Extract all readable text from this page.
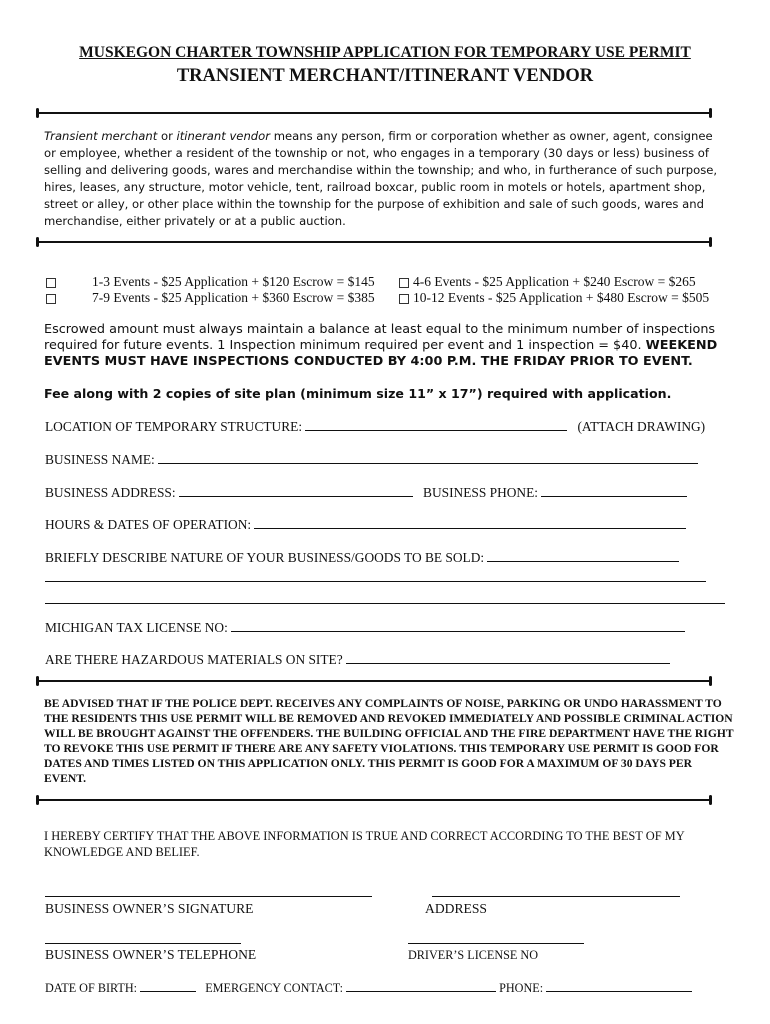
MUSKEGON CHARTER TOWNSHIP APPLICATION FOR TEMPORARY USE PERMIT
TRANSIENT MERCHANT/ITINERANT VENDOR
Transient merchant or itinerant vendor means any person, firm or corporation whether as owner, agent, consignee or employee, whether a resident of the township or not, who engages in a temporary (30 days or less) business of selling and delivering goods, wares and merchandise within the township; and who, in furtherance of such purpose, hires, leases, any structure, motor vehicle, tent, railroad boxcar, public room in motels or hotels, apartment shop, street or alley, or other place within the township for the purpose of exhibition and sale of such goods, wares and merchandise, either privately or at a public auction.
1-3 Events - $25 Application + $120 Escrow = $145	4-6 Events - $25 Application + $240 Escrow = $265
7-9 Events - $25 Application + $360 Escrow = $385	10-12 Events - $25 Application + $480 Escrow = $505
Escrowed amount must always maintain a balance at least equal to the minimum number of inspections required for future events. 1 Inspection minimum required per event and 1 inspection = $40. WEEKEND EVENTS MUST HAVE INSPECTIONS CONDUCTED BY 4:00 P.M. THE FRIDAY PRIOR TO EVENT.
Fee along with 2 copies of site plan (minimum size 11” x 17”) required with application.
LOCATION OF TEMPORARY STRUCTURE:	(ATTACH DRAWING)
BUSINESS NAME:
BUSINESS ADDRESS:	BUSINESS PHONE:
HOURS & DATES OF OPERATION:
BRIEFLY DESCRIBE NATURE OF YOUR BUSINESS/GOODS TO BE SOLD:
MICHIGAN TAX LICENSE NO:
ARE THERE HAZARDOUS MATERIALS ON SITE?
BE ADVISED THAT IF THE POLICE DEPT. RECEIVES ANY COMPLAINTS OF NOISE, PARKING OR UNDO HARASSMENT TO THE RESIDENTS THIS USE PERMIT WILL BE REMOVED AND REVOKED IMMEDIATELY AND POSSIBLE CRIMINAL ACTION WILL BE BROUGHT AGAINST THE OFFENDERS. THE BUILDING OFFICIAL AND THE FIRE DEPARTMENT HAVE THE RIGHT TO REVOKE THIS USE PERMIT IF THERE ARE ANY SAFETY VIOLATIONS. THIS TEMPORARY USE PERMIT IS GOOD FOR DATES AND TIMES LISTED ON THIS APPLICATION ONLY. THIS PERMIT IS GOOD FOR A MAXIMUM OF 30 DAYS PER EVENT.
I HEREBY CERTIFY THAT THE ABOVE INFORMATION IS TRUE AND CORRECT ACCORDING TO THE BEST OF MY KNOWLEDGE AND BELIEF.
BUSINESS OWNER’S SIGNATURE	ADDRESS
BUSINESS OWNER’S TELEPHONE	DRIVER’S LICENSE NO
DATE OF BIRTH:	EMERGENCY CONTACT:	PHONE:
